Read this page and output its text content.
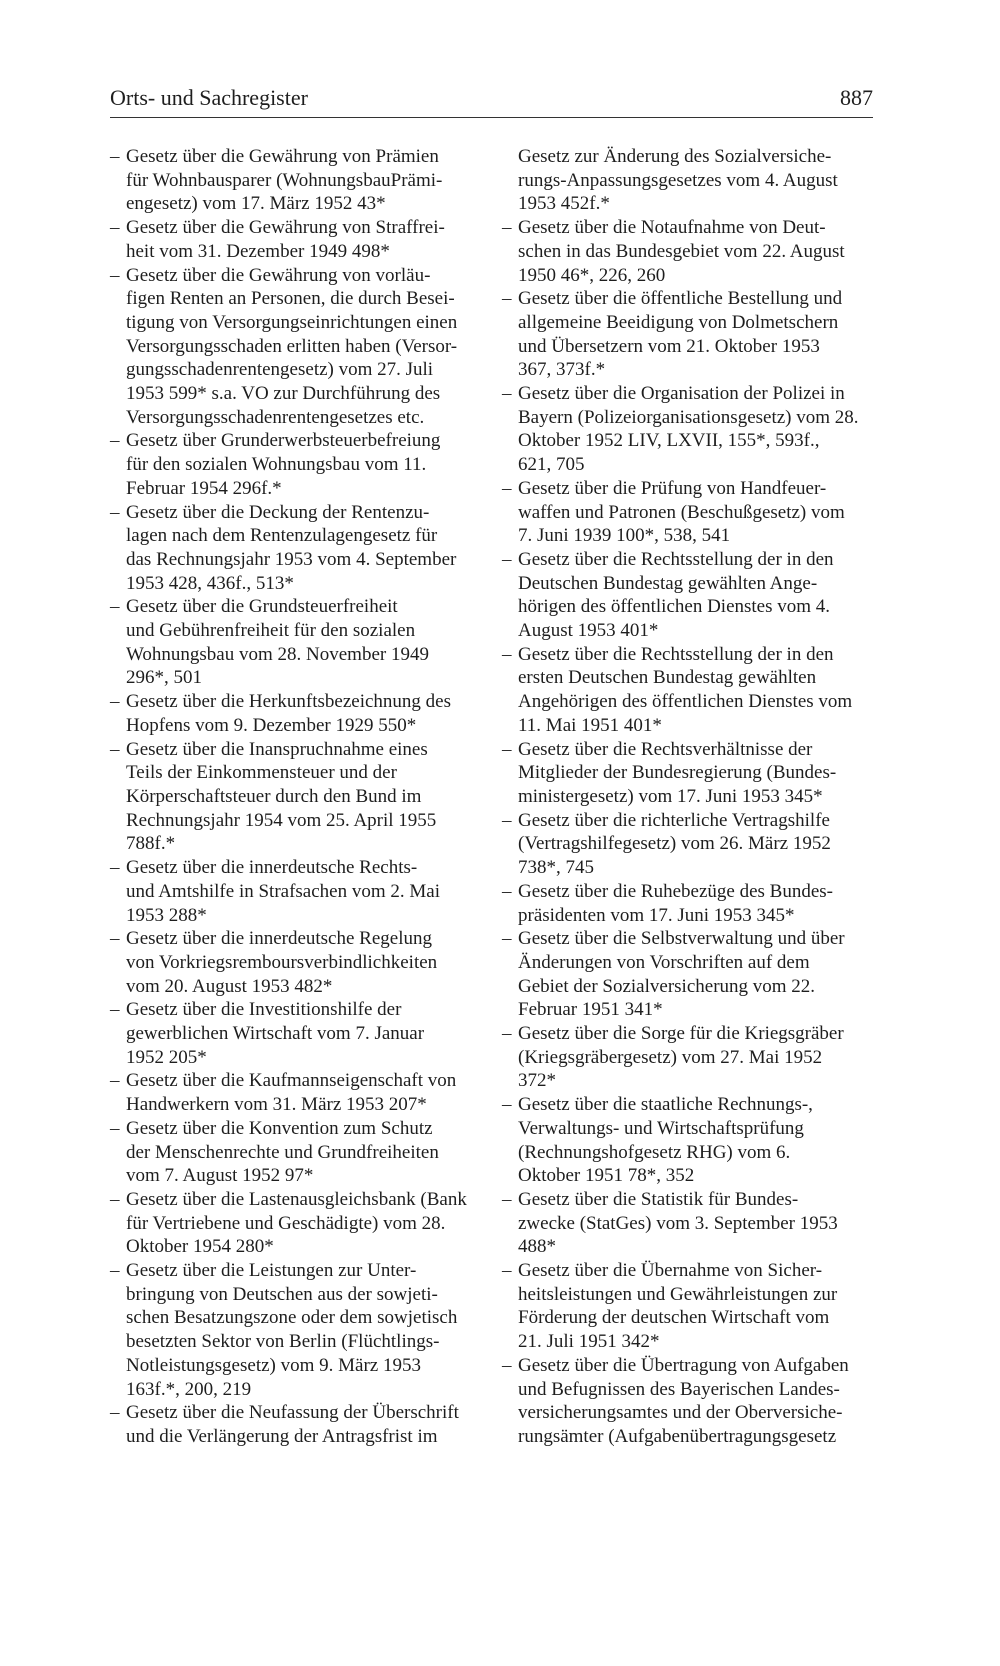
Orts- und Sachregister	887
– Gesetz über die Gewährung von Prämien
für Wohnbausparer (WohnungsbauPrämi-
engesetz) vom 17. März 1952 43*
– Gesetz über die Gewährung von Straffrei-
heit vom 31. Dezember 1949 498*
– Gesetz über die Gewährung von vorläu-
figen Renten an Personen, die durch Besei-
tigung von Versorgungseinrichtungen einen
Versorgungsschaden erlitten haben (Versor-
gungsschadenrentengesetz) vom 27. Juli
1953 599* s.a. VO zur Durchführung des
Versorgungsschadenrentengesetzes etc.
– Gesetz über Grunderwerbsteuerbefreiung
für den sozialen Wohnungsbau vom 11.
Februar 1954 296f.*
– Gesetz über die Deckung der Rentenzu-
lagen nach dem Rentenzulagengesetz für
das Rechnungsjahr 1953 vom 4. September
1953 428, 436f., 513*
– Gesetz über die Grundsteuerfreiheit
und Gebührenfreiheit für den sozialen
Wohnungsbau vom 28. November 1949
296*, 501
– Gesetz über die Herkunftsbezeichnung des
Hopfens vom 9. Dezember 1929 550*
– Gesetz über die Inanspruchnahme eines
Teils der Einkommensteuer und der
Körperschaftsteuer durch den Bund im
Rechnungsjahr 1954 vom 25. April 1955
788f.*
– Gesetz über die innerdeutsche Rechts-
und Amtshilfe in Strafsachen vom 2. Mai
1953 288*
– Gesetz über die innerdeutsche Regelung
von Vorkriegsremboursverbindlichkeiten
vom 20. August 1953 482*
– Gesetz über die Investitionshilfe der
gewerblichen Wirtschaft vom 7. Januar
1952 205*
– Gesetz über die Kaufmannseigenschaft von
Handwerkern vom 31. März 1953 207*
– Gesetz über die Konvention zum Schutz
der Menschenrechte und Grundfreiheiten
vom 7. August 1952 97*
– Gesetz über die Lastenausgleichsbank (Bank
für Vertriebene und Geschädigte) vom 28.
Oktober 1954 280*
– Gesetz über die Leistungen zur Unter-
bringung von Deutschen aus der sowjeti-
schen Besatzungszone oder dem sowjetisch
besetzten Sektor von Berlin (Flüchtlings-
Notleistungsgesetz) vom 9. März 1953
163f.*, 200, 219
– Gesetz über die Neufassung der Überschrift
und die Verlängerung der Antragsfrist im
Gesetz zur Änderung des Sozialversiche-
rungs-Anpassungsgesetzes vom 4. August
1953 452f.*
– Gesetz über die Notaufnahme von Deut-
schen in das Bundesgebiet vom 22. August
1950 46*, 226, 260
– Gesetz über die öffentliche Bestellung und
allgemeine Beeidigung von Dolmetschern
und Übersetzern vom 21. Oktober 1953
367, 373f.*
– Gesetz über die Organisation der Polizei in
Bayern (Polizeiorganisationsgesetz) vom 28.
Oktober 1952 LIV, LXVII, 155*, 593f.,
621, 705
– Gesetz über die Prüfung von Handfeuer-
waffen und Patronen (Beschußgesetz) vom
7. Juni 1939 100*, 538, 541
– Gesetz über die Rechtsstellung der in den
Deutschen Bundestag gewählten Ange-
hörigen des öffentlichen Dienstes vom 4.
August 1953 401*
– Gesetz über die Rechtsstellung der in den
ersten Deutschen Bundestag gewählten
Angehörigen des öffentlichen Dienstes vom
11. Mai 1951 401*
– Gesetz über die Rechtsverhältnisse der
Mitglieder der Bundesregierung (Bundes-
ministergesetz) vom 17. Juni 1953 345*
– Gesetz über die richterliche Vertragshilfe
(Vertragshilfegesetz) vom 26. März 1952
738*, 745
– Gesetz über die Ruhebezüge des Bundes-
präsidenten vom 17. Juni 1953 345*
– Gesetz über die Selbstverwaltung und über
Änderungen von Vorschriften auf dem
Gebiet der Sozialversicherung vom 22.
Februar 1951 341*
– Gesetz über die Sorge für die Kriegsgräber
(Kriegsgräbergesetz) vom 27. Mai 1952
372*
– Gesetz über die staatliche Rechnungs-,
Verwaltungs- und Wirtschaftsprüfung
(Rechnungshofgesetz RHG) vom 6.
Oktober 1951 78*, 352
– Gesetz über die Statistik für Bundes-
zwecke (StatGes) vom 3. September 1953
488*
– Gesetz über die Übernahme von Sicher-
heitsleistungen und Gewährleistungen zur
Förderung der deutschen Wirtschaft vom
21. Juli 1951 342*
– Gesetz über die Übertragung von Aufgaben
und Befugnissen des Bayerischen Landes-
versicherungsamtes und der Oberversiche-
rungsämter (Aufgabenübertragungsgesetz
